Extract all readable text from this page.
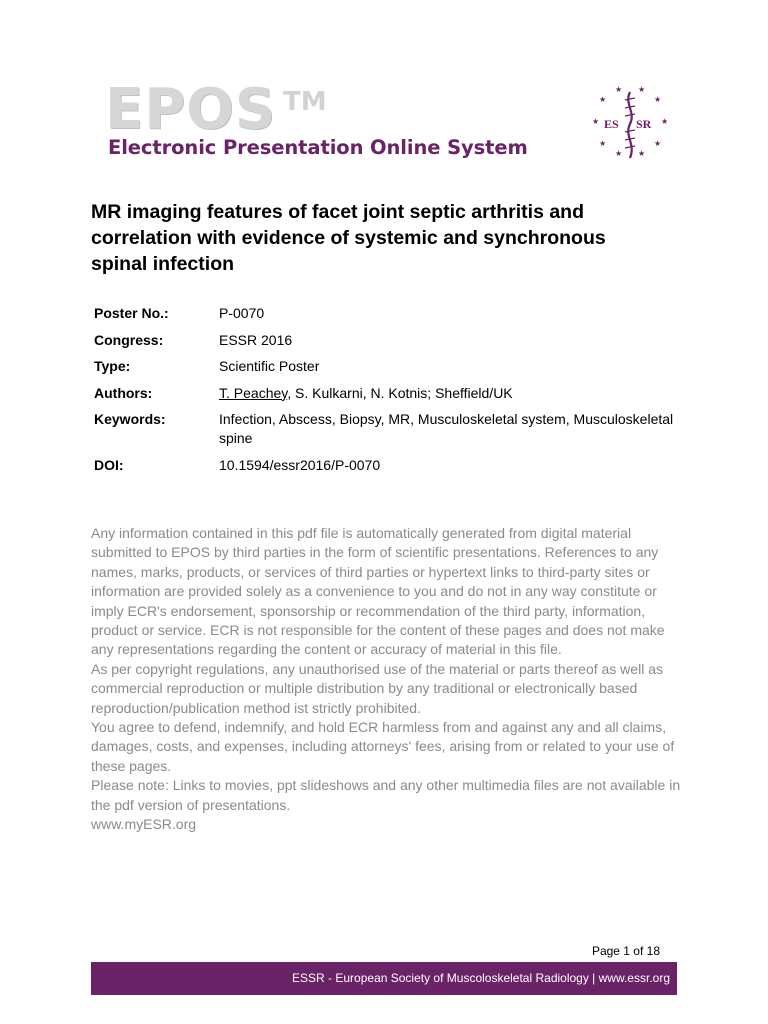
EPOS TM
Electronic Presentation Online System
★
★ ★
★
★	★
★
★ ★
★
ES SR
MR imaging features of facet joint septic arthritis and correlation with evidence of systemic and synchronous spinal infection
Poster No.:	P-0070
Congress:	ESSR 2016
Type:	Scientific Poster
Authors:	T. Peachey, S. Kulkarni, N. Kotnis; Sheffield/UK
Keywords:	Infection, Abscess, Biopsy, MR, Musculoskeletal system, Musculoskeletal spine
DOI:	10.1594/essr2016/P-0070

Any information contained in this pdf file is automatically generated from digital material submitted to EPOS by third parties in the form of scientific presentations. References to any names, marks, products, or services of third parties or hypertext links to third-party sites or information are provided solely as a convenience to you and do not in any way constitute or imply ECR's endorsement, sponsorship or recommendation of the third party, information, product or service. ECR is not responsible for the content of these pages and does not make any representations regarding the content or accuracy of material in this file.

As per copyright regulations, any unauthorised use of the material or parts thereof as well as commercial reproduction or multiple distribution by any traditional or electronically based reproduction/publication method ist strictly prohibited.

You agree to defend, indemnify, and hold ECR harmless from and against any and all claims, damages, costs, and expenses, including attorneys' fees, arising from or related to your use of these pages.

Please note: Links to movies, ppt slideshows and any other multimedia files are not available in the pdf version of presentations.

www.myESR.org

Page 1 of 18
ESSR - European Society of Muscoloskeletal Radiology | www.essr.org
